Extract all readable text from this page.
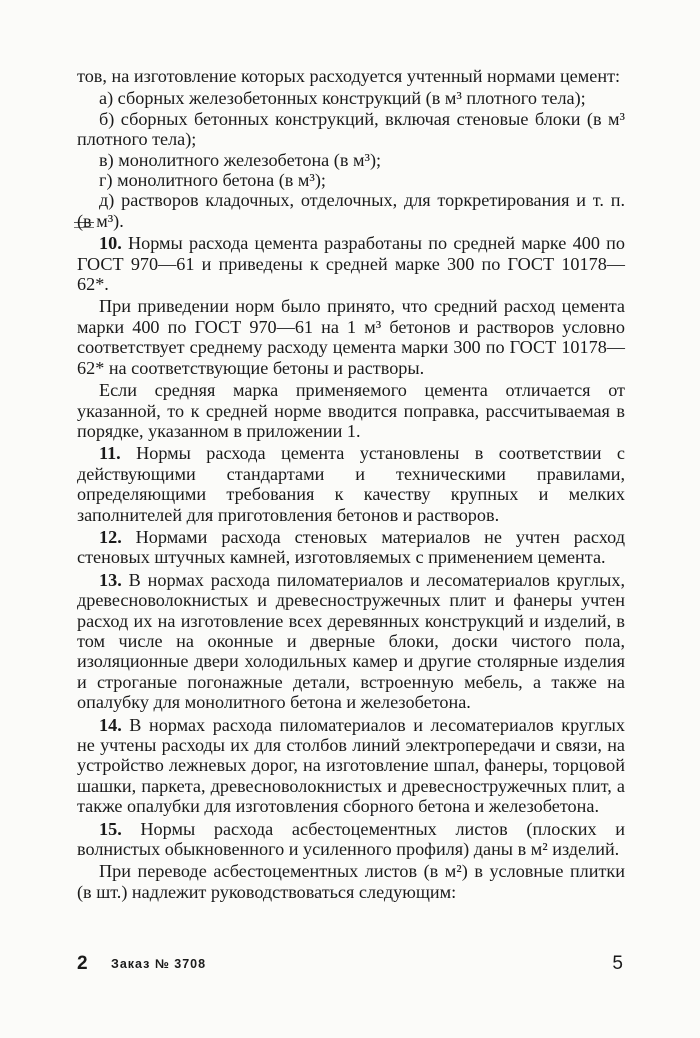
тов, на изготовление которых расходуется учтенный нормами цемент:

а) сборных железобетонных конструкций (в м³ плотного тела);

б) сборных бетонных конструкций, включая стеновые блоки (в м³ плотного тела);

в) монолитного железобетона (в м³);

г) монолитного бетона (в м³);

д) растворов кладочных, отделочных, для торкретирования и т. п. (в м³).

10. Нормы расхода цемента разработаны по средней марке 400 по ГОСТ 970—61 и приведены к средней марке 300 по ГОСТ 10178—62*.

При приведении норм было принято, что средний расход цемента марки 400 по ГОСТ 970—61 на 1 м³ бетонов и растворов условно соответствует среднему расходу цемента марки 300 по ГОСТ 10178—62* на соответствующие бетоны и растворы.

Если средняя марка применяемого цемента отличается от указанной, то к средней норме вводится поправка, рассчитываемая в порядке, указанном в приложении 1.

11. Нормы расхода цемента установлены в соответствии с действующими стандартами и техническими правилами, определяющими требования к качеству крупных и мелких заполнителей для приготовления бетонов и растворов.

12. Нормами расхода стеновых материалов не учтен расход стеновых штучных камней, изготовляемых с применением цемента.

13. В нормах расхода пиломатериалов и лесоматериалов круглых, древесноволокнистых и древесностружечных плит и фанеры учтен расход их на изготовление всех деревянных конструкций и изделий, в том числе на оконные и дверные блоки, доски чистого пола, изоляционные двери холодильных камер и другие столярные изделия и строганые погонажные детали, встроенную мебель, а также на опалубку для монолитного бетона и железобетона.

14. В нормах расхода пиломатериалов и лесоматериалов круглых не учтены расходы их для столбов линий электропередачи и связи, на устройство лежневых дорог, на изготовление шпал, фанеры, торцовой шашки, паркета, древесноволокнистых и древесностружечных плит, а также опалубки для изготовления сборного бетона и железобетона.

15. Нормы расхода асбестоцементных листов (плоских и волнистых обыкновенного и усиленного профиля) даны в м² изделий.

При переводе асбестоцементных листов (в м²) в условные плитки (в шт.) надлежит руководствоваться следующим:

2 Заказ № 3708	5
